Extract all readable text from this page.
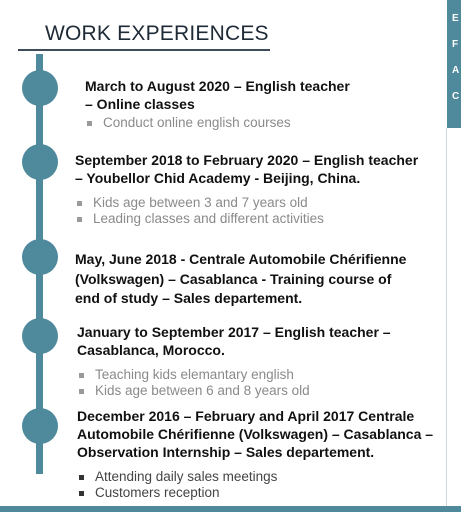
E
F
A
C
WORK EXPERIENCES
March to August 2020 – English teacher
– Online classes
Conduct online english courses
September 2018 to February 2020 – English teacher
– Youbellor Chid Academy - Beijing, China.
Kids age between 3 and 7 years old
Leading classes and different activities
May, June 2018 - Centrale Automobile Chérifienne
(Volkswagen) – Casablanca - Training course of
end of study – Sales departement.
January to September 2017 – English teacher –
Casablanca, Morocco.
Teaching kids elemantary english
Kids age between 6 and 8 years old
December 2016 – February and April 2017 Centrale
Automobile Chérifienne (Volkswagen) – Casablanca –
Observation Internship – Sales departement.
Attending daily sales meetings
Customers reception
